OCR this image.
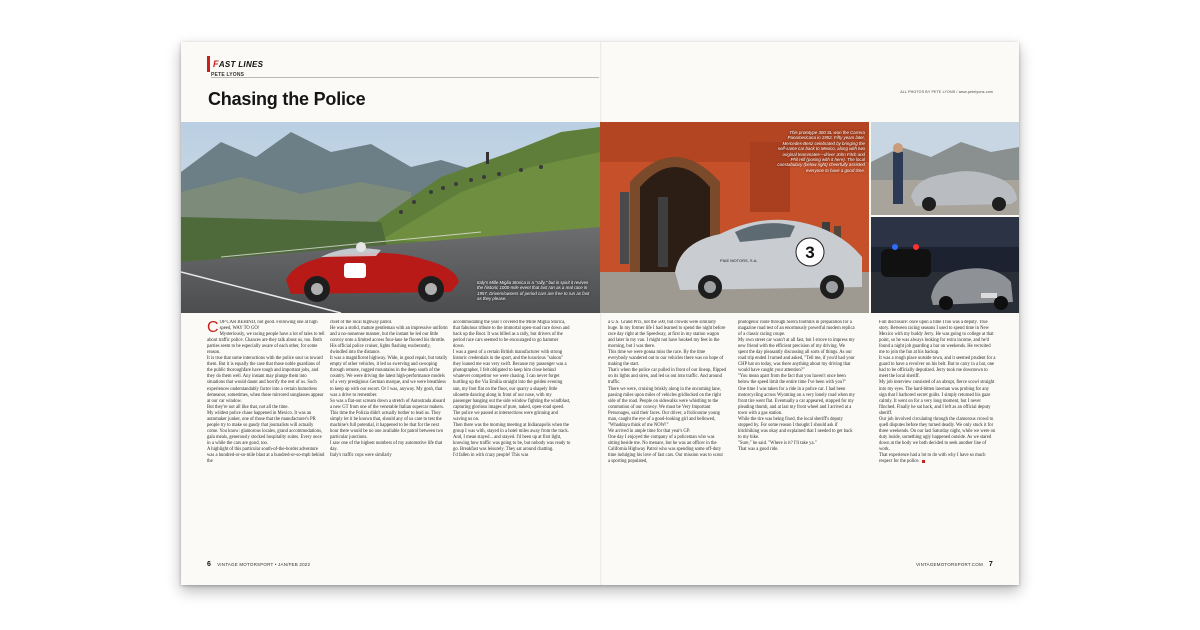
FAST LINES
PETE LYONS
Chasing the Police	ALL PHOTOS BY PETE LYONS / www.petelyons.com
Italy's Mille Miglia Storica is a "rally," but in spirit it revives the historic 1000-mile event that last ran as a real race in 1957. Drivers/owners of period cars are free to run as fast as they please.
3
PIAE MOTORS, S.A.
This prototype 300 SL won the Carrera Panamericana in 1952. Fifty years later, Mercedes-Benz celebrated by bringing the self-same car back to Mexico, along with two original teammates—driver John Fitch and Phil Hill (posing with it here). The local constabulary (below right) cheerfully assisted everyone to have a good time.

COP CAR BEHIND, not good. Following one at high speed, WAY TO GO!

Mysteriously, we racing people have a lot of tales to tell about traffic police. Chances are they talk about us, too. Both parties seem to be especially aware of each other, for some reason.

It is true that some interactions with the police sour us toward them. But it is equally the case that those noble guardians of the public thoroughfare have tough and important jobs, and they do them well. Any instant may plunge them into situations that would daunt and horrify the rest of us. Such experiences understandably factor into a certain humorless demeanor, sometimes, when those mirrored sunglasses appear at our car window.

But they're not all like that, not all the time.

My wildest police chase happened in Mexico. It was an automaker junket, one of those that the manufacturer's PR people try to make so gaudy that journalists will actually come. You know: glamorous locales, grand accommodations, gala meals, generously stocked hospitality suites. Every once in a while the cars are good, too.

A highlight of this particular south-of-the-border adventure was a hundred-or-so-mile blast at a hundred-or-so-mph behind the

chief of the local highway patrol.

He was a stolid, mature gentleman with an impressive uniform and a no-nonsense manner, but the instant he led our little convoy onto a limited access four-lane he floored his throttle. His official police cruiser, lights flashing exuberantly, dwindled into the distance.

It was a magnificent highway. Wide, in good repair, but totally empty of other vehicles, it led us swerving and swooping through remote, rugged mountains in the deep south of the country. We were driving the latest high-performance models of a very prestigious German marque, and we were breathless to keep up with our escort. Or I was, anyway. My gosh, that was a drive to remember.

So was a flat-out scream down a stretch of Autostrada aboard a new GT from one of the venerable Italian supercar makers. This time the Polizia didn't actually bother to lead us. They simply let it be known that, should any of us care to test the machine's full potential, it happened to be that for the next hour there would be no one available for patrol between two particular junctions.

I saw one of the highest numbers of my automotive life that day.

Italy's traffic cops were similarly

accommodating the year I covered the Mille Miglia Storica, that fabulous tribute to the immortal open-road race down and back up the Boot. It was billed as a rally, but drivers of the period race cars seemed to be encouraged to go hammer down.

I was a guest of a certain British manufacturer with strong historic credentials in the sport, and the luxurious "saloon" they loaned me was very swift. Because my passenger was a photographer, I felt obligated to keep him close behind whatever competitor we were chasing. I can never forget hurtling up the Via Emilia straight into the golden evening sun, my foot flat on the floor, our quarry a shapely little silouette dancing along in front of our nose, with my passenger hanging out the side window fighting the windblast, capturing glorious images of pure, naked, open-road speed.

The police we passed at intersections were grinning and waving us on.

Then there was the morning meeting at Indianapolis when the group I was with, stayed in a hotel miles away from the track. And, I mean stayed... and stayed. I'd been up at first light, knowing how traffic was going to be, but nobody was ready to go. Breakfast was leisurely. They sat around chatting.

I'd fallen in with crazy people! This was

a U.S. Grand Prix, not the 500, but crowds were similarly huge. In my former life I had learned to spend the night before race day right at the Speedway, at first in my station wagon and later in my van. I might not have hooked my feet in the morning, but I was there.

This time we were gonna miss the race. By the time everybody wandered out to our vehicles there was no hope of making the start.

That's when the police car pulled in front of our lineup, flipped on its lights and siren, and led us out into traffic. And around traffic.

There we were, cruising briskly along in the oncoming lane, passing miles upon miles of vehicles gridlocked on the right side of the road. People on sidewalks were whistling to the commotion of our convoy. We must be Very Important Personages, said their faces. Our driver, a frolicsome young man, caught the eye of a good-looking girl and bellowed, "Whaddaya think of me NOW!"

We arrived in ample time for that year's GP.

One day I enjoyed the company of a policeman who was sitting beside me. No menace, but he was an officer in the California Highway Patrol who was spending some off-duty time indulging his love of fast cars. Our mission was to scout a sporting populated,

photogenic route through Sierra foothills in preparation for a magazine road test of an enormously powerful modern replica of a classic racing coupe.

My own street car wasn't at all fast, but I strove to impress my new friend with the efficient precision of my driving. We spent the day pleasantly discussing all sorts of things. As our road trip ended I turned and asked, "Tell me, if you'd had your CHP hat on today, was there anything about my driving that would have caught your attention?"

"You mean apart from the fact that you haven't once been below the speed limit the entire time I've been with you?"

One time I was taken for a ride in a police car. I had been motorcycling across Wyoming on a very lonely road when my front tire went flat. Eventually a car appeared, stopped for my pleading thumb, and at last my front wheel and I arrived at a town with a gas station.

While the tire was being fixed, the local sheriff's deputy stopped by. For some reason I thought I should ask if hitchhiking was okay and explained that I needed to get back to my bike.

"Sure," he said. "Where is it? I'll take ya."

That was a good ride.

Full disclosure: once upon a time I too was a deputy. True story. Between racing seasons I used to spend time in New Mexico with my buddy Jerry. He was going to college at that point, so he was always looking for extra income, and he'd found a night job guarding a bar on weekends. He recruited me to join the fun at his backup.

It was a rough place outside town, and it seemed prudent for a guard to have a revolver on his belt. But to carry in a bar, one had to be officially deputized. Jerry took me downtown to meet the local sheriff.

My job interview consisted of an abrupt, fierce scowl straight into my eyes. The hard-bitten lawman was probing for any sign that I harbored secret guilts. I simply returned his gaze calmly. It went on for a very long moment, but I never flinched. Finally he sat back, and I left as an official deputy sheriff.

Our job involved circulating through the clamorous crowd to quell disputes before they turned deadly. We only stuck it for three weekends. On our last Saturday night, while we were on duty inside, something ugly happened outside. As we stared down at the body we both decided to seek another line of work.

That experience had a lot to do with why I have so much respect for the police.

6 VINTAGE MOTORSPORT • JAN/FEB 2022	VINTAGEMOTORSPORT.COM 7
